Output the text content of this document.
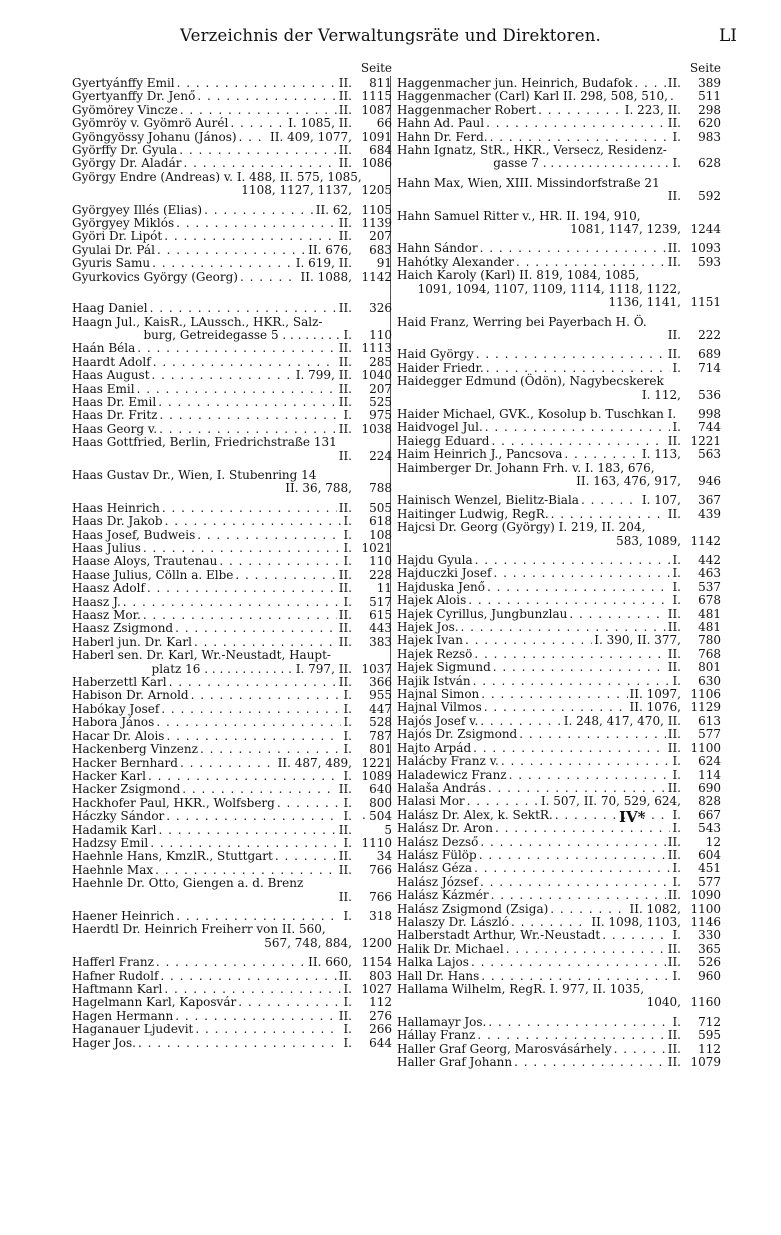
Verzeichnis der Verwaltungsräte und Direktoren.	LI
Seite
Gyertyánffy Emil . . .	II.	811
Gyertyanffy Dr. Jenő . . .	II. 1115
Gyömörey Vincze . . .	II. 1087
Gyömröy v. Gyömrö Aurél . . .	I. 1085, II.	66
Gyöngyössy Johanu (János) . . .	II. 409, 1077, 1091
Györffy Dr. Gyula . . .	II.	684
György Dr. Aladár . . .	II. 1086
György Endre (Andreas) v. I. 488, II. 575, 1085,
1108, 1127, 1137, 1205
Györgyey Illés (Elias) . . .	II. 62, 1105
Györgyey Miklós . . .	II. 1139
Györi Dr. Lipót . . .	II.	207
Gyulai Dr. Pál . . .	II. 676,	683
Gyuris Samu . . .	I. 619, II.	91
Gyurkovics György (Georg) . . .	II. 1088, 1142
Haag Daniel . . .	II.	326
Haagn Jul., KaisR., LAussch., HKR., Salz-
burg, Getreidegasse 5 . . . . . . . . I.	110
Haán Béla . . .	II. 1113
Haardt Adolf . . .	II.	285
Haas August . . .	I. 799, II. 1040
Haas Emil . . .	II.	207
Haas Dr. Emil . . .	II.	525
Haas Dr. Fritz . . .	I.	975
Haas Georg v. . . .	II. 1038
Haas Gottfried, Berlin, Friedrichstraße 131
II.	224
Haas Gustav Dr., Wien, I. Stubenring 14
II. 36, 788,	788
Haas Heinrich . . .	II.	505
Haas Dr. Jakob . . .	I.	618
Haas Josef, Budweis . . .	I.	108
Haas Julius . . .	I. 1021
Haase Aloys, Trautenau . . .	I.	110
Haase Julius, Cölln a. Elbe . . .	II.	228
Haasz Adolf . . .	II.	11
Haasz J. . . .	I.	517
Haasz Mor. . . .	II.	615
Haasz Zsigmond . . .	II.	443
Haberl jun. Dr. Karl . . .	II.	383
Haberl sen. Dr. Karl, Wr.-Neustadt, Haupt-
platz 16 . . . . . . . . . . . . I. 797, II. 1037
Haberzettl Karl . . .	II.	366
Habison Dr. Arnold . . .	I.	955
Habókay Josef . . .	I.	447
Habora János . . .	I.	528
Hacar Dr. Alois . . .	I.	787
Hackenberg Vinzenz . . .	I.	801
Hacker Bernhard . . .	II. 487, 489, 1221
Hacker Karl . . .	I. 1089
Hacker Zsigmond . . .	II.	640
Hackhofer Paul, HKR., Wolfsberg . . .	I.	800
Háczky Sándor . . .	I.	504
Hadamik Karl . . .	II.	5
Hadzsy Emil . . .	I. 1110
Haehnle Hans, KmzlR., Stuttgart . . .	II.	34
Haehnle Max . . .	II.	766
Haehnle Dr. Otto, Giengen a. d. Brenz
II.	766
Haener Heinrich . . .	I.	318
Haerdtl Dr. Heinrich Freiherr von II. 560,
567, 748, 884, 1200
Hafferl Franz . . .	II. 660, 1154
Hafner Rudolf . . .	II.	803
Haftmann Karl . . .	I. 1027
Hagelmann Karl, Kaposvár . . .	I.	112
Hagen Hermann . . .	II.	276
Haganauer Ljudevit . . .	I.	266
Hager Jos. . . .	I.	644
Seite
Haggenmacher jun. Heinrich, Budafok . . .	II.	389
Haggenmacher (Carl) Karl II. 298, 508, 510, . . .	511
Haggenmacher Robert . . .	I. 223, II.	298
Hahn Ad. Paul . . .	II.	620
Hahn Dr. Ferd. . . .	I.	983
Hahn Ignatz, StR., HKR., Versecz, Residenz-
gasse 7 . . . . . . . . . . . . . . . . . I.	628
Hahn Max, Wien, XIII. Missindorfstraße 21
II.	592
Hahn Samuel Ritter v., HR. II. 194, 910,
1081, 1147, 1239, 1244
Hahn Sándor . . .	II. 1093
Hahótky Alexander . . .	II.	593
Haich Karoly (Karl) II. 819, 1084, 1085,
1091, 1094, 1107, 1109, 1114, 1118, 1122,
1136, 1141, 1151
Haid Franz, Werring bei Payerbach H. Ö.
II.	222
Haid György . . .	II.	689
Haider Friedr. . . .	I.	714
Haidegger Edmund (Ödön), Nagybecskerek
I. 112,	536
Haider Michael, GVK., Kosolup b. Tuschkan I. . . .	998
Haidvogel Jul. . . .	I.	744
Haiegg Eduard . . .	II. 1221
Haim Heinrich J., Pancsova . . .	I. 113,	563
Haimberger Dr. Johann Frh. v. I. 183, 676,
II. 163, 476, 917,	946
Hainisch Wenzel, Bielitz-Biala . . .	I. 107,	367
Haitinger Ludwig, RegR. . . .	II.	439
Hajcsi Dr. Georg (György) I. 219, II. 204,
583, 1089, 1142
Hajdu Gyula . . .	I.	442
Hajduczki Josef . . .	I.	463
Hajduska Jenő . . .	I.	537
Hajek Alois . . .	I.	678
Hajek Cyrillus, Jungbunzlau . . .	II.	481
Hajek Jos. . . .	II.	481
Hajek Ivan . . .	I. 390, II. 377,	780
Hajek Rezsö . . .	II.	768
Hajek Sigmund . . .	II.	801
Hajik István . . .	I.	630
Hajnal Simon . . .	II. 1097, 1106
Hajnal Vilmos . . .	II. 1076, 1129
Hajós Josef v. . . .	I. 248, 417, 470, II.	613
Hajós Dr. Zsigmond . . .	II.	577
Hajto Arpád . . .	II. 1100
Halácby Franz v. . . .	I.	624
Haladewicz Franz . . .	I.	114
Halaša András . . .	II.	690
Halasi Mor . . .	I. 507, II. 70, 529, 624,	828
Halász Dr. Alex, k. SektR. . . .	I.	667
Halász Dr. Aron . . .	I.	543
Halász Dezső . . .	II.	12
Halász Fülöp . . .	II.	604
Halász Géza . . .	I.	451
Halász József . . .	I.	577
Halász Kázmér . . .	II. 1090
Halász Zsigmond (Zsiga) . . .	II. 1082, 1100
Halaszy Dr. László . . .	II. 1098, 1103, 1146
Halberstadt Arthur, Wr.-Neustadt . . .	I.	330
Halik Dr. Michael . . .	II.	365
Halka Lajos . . .	II.	526
Hall Dr. Hans . . .	I.	960
Hallama Wilhelm, RegR. I. 977, II. 1035,
1040, 1160
Hallamayr Jos. . . .	I.	712
Hállay Franz . . .	II.	595
Haller Graf Georg, Marosvásárhely . . .	II.	112
Haller Graf Johann . . .	II. 1079
.	IV*
